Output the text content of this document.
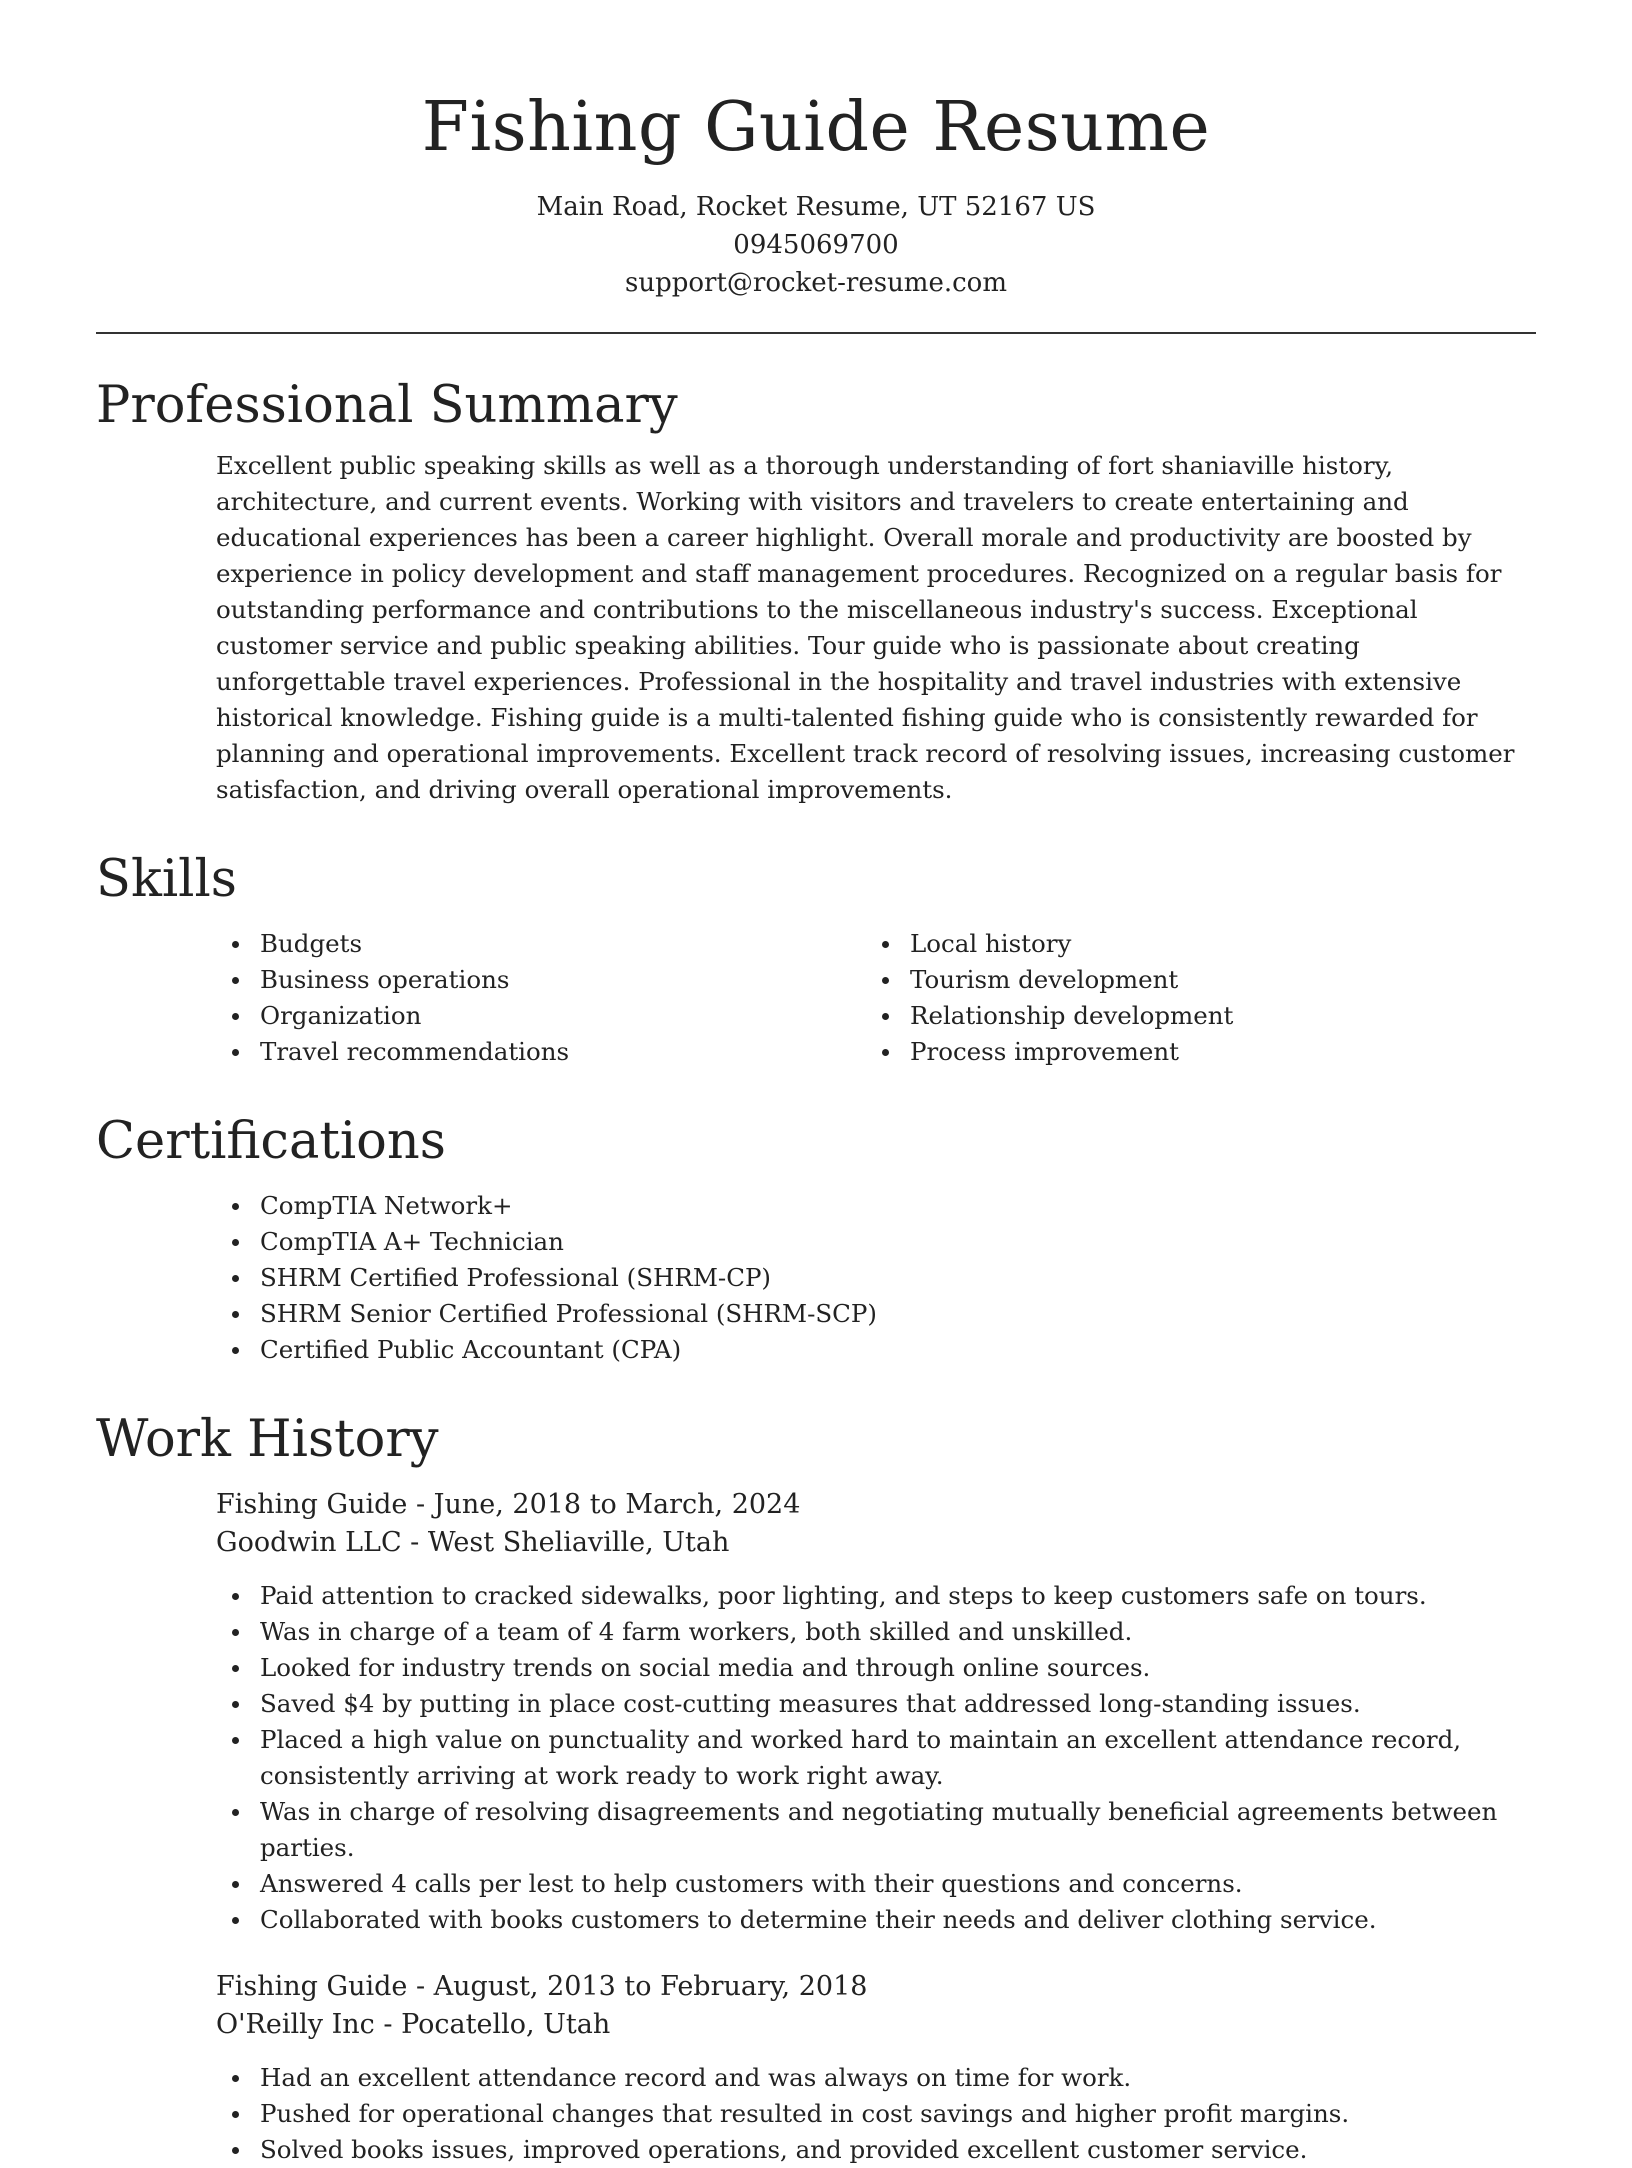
Fishing Guide Resume
Main Road, Rocket Resume, UT 52167 US
0945069700
support@rocket-resume.com
Professional Summary

Excellent public speaking skills as well as a thorough understanding of fort shaniaville history, architecture, and current events. Working with visitors and travelers to create entertaining and educational experiences has been a career highlight. Overall morale and productivity are boosted by experience in policy development and staff management procedures. Recognized on a regular basis for outstanding performance and contributions to the miscellaneous industry's success. Exceptional customer service and public speaking abilities. Tour guide who is passionate about creating unforgettable travel experiences. Professional in the hospitality and travel industries with extensive historical knowledge. Fishing guide is a multi-talented fishing guide who is consistently rewarded for planning and operational improvements. Excellent track record of resolving issues, increasing customer satisfaction, and driving overall operational improvements.

Skills
Budgets
Business operations
Organization
Travel recommendations
Local history
Tourism development
Relationship development
Process improvement
Certifications
CompTIA Network+
CompTIA A+ Technician
SHRM Certified Professional (SHRM-CP)
SHRM Senior Certified Professional (SHRM-SCP)
Certified Public Accountant (CPA)
Work History
Fishing Guide - June, 2018 to March, 2024
Goodwin LLC - West Sheliaville, Utah
Paid attention to cracked sidewalks, poor lighting, and steps to keep customers safe on tours.
Was in charge of a team of 4 farm workers, both skilled and unskilled.
Looked for industry trends on social media and through online sources.
Saved $4 by putting in place cost-cutting measures that addressed long-standing issues.
Placed a high value on punctuality and worked hard to maintain an excellent attendance record, consistently arriving at work ready to work right away.
Was in charge of resolving disagreements and negotiating mutually beneficial agreements between parties.
Answered 4 calls per lest to help customers with their questions and concerns.
Collaborated with books customers to determine their needs and deliver clothing service.
Fishing Guide - August, 2013 to February, 2018
O'Reilly Inc - Pocatello, Utah
Had an excellent attendance record and was always on time for work.
Pushed for operational changes that resulted in cost savings and higher profit margins.
Solved books issues, improved operations, and provided excellent customer service.
